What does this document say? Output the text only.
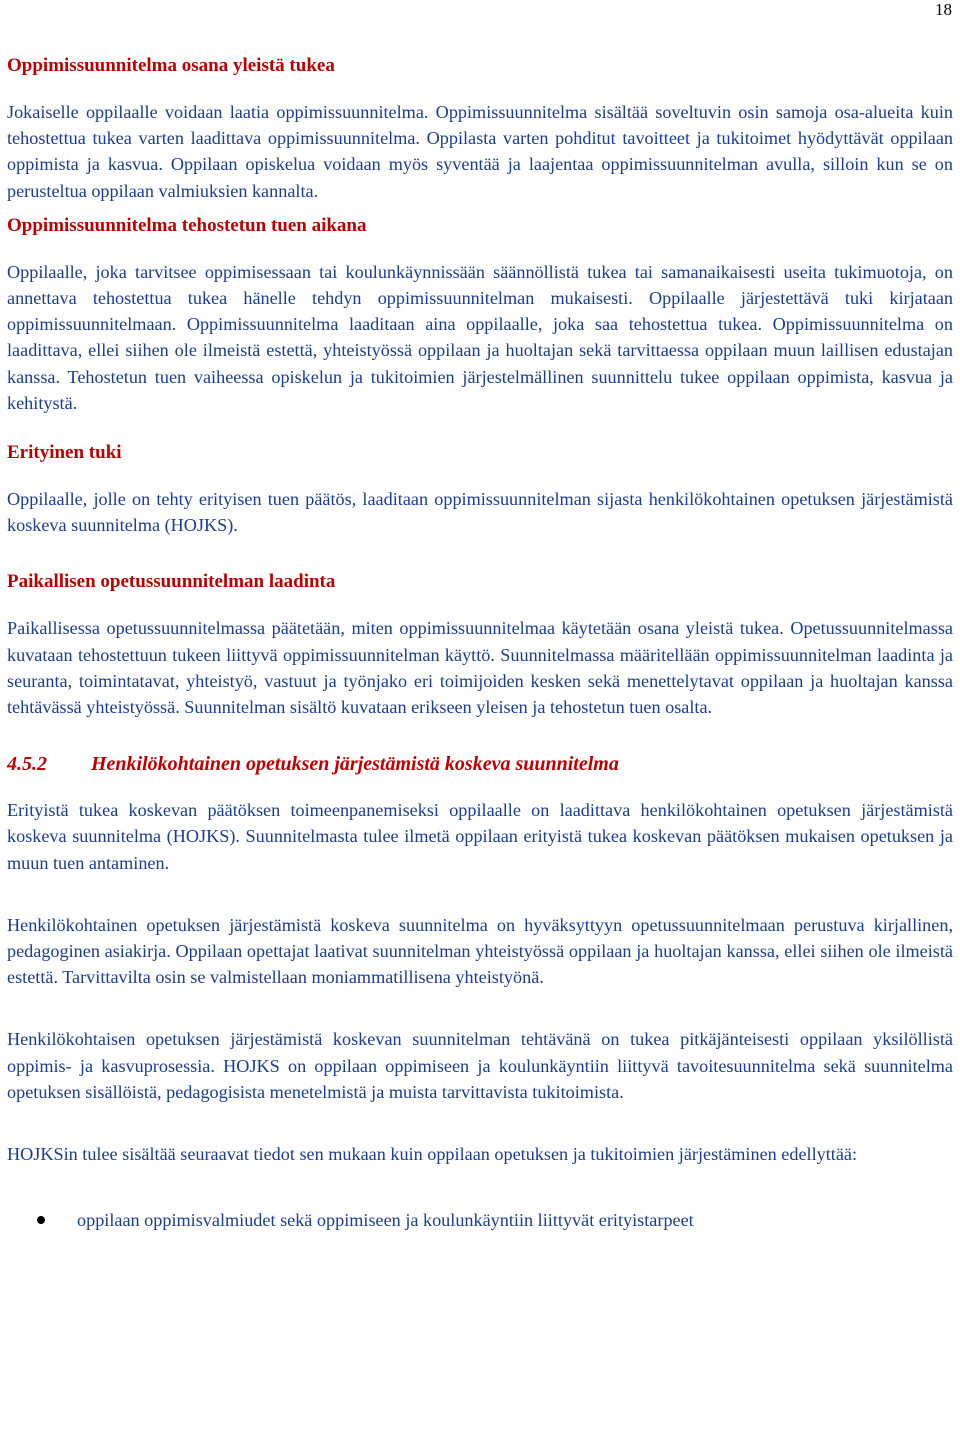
18
Oppimissuunnitelma osana yleistä tukea

Jokaiselle oppilaalle voidaan laatia oppimissuunnitelma. Oppimissuunnitelma sisältää soveltuvin osin samoja osa-alueita kuin tehostettua tukea varten laadittava oppimissuunnitelma. Oppilasta varten pohditut tavoitteet ja tukitoimet hyödyttävät oppilaan oppimista ja kasvua. Oppilaan opiskelua voidaan myös syventää ja laajentaa oppimissuunnitelman avulla, silloin kun se on perusteltua oppilaan valmiuksien kannalta.

Oppimissuunnitelma tehostetun tuen aikana

Oppilaalle, joka tarvitsee oppimisessaan tai koulunkäynnissään säännöllistä tukea tai samanaikaisesti useita tukimuotoja, on annettava tehostettua tukea hänelle tehdyn oppimissuunnitelman mukaisesti. Oppilaalle järjestettävä tuki kirjataan oppimissuunnitelmaan. Oppimissuunnitelma laaditaan aina oppilaalle, joka saa tehostettua tukea. Oppimissuunnitelma on laadittava, ellei siihen ole ilmeistä estettä, yhteistyössä oppilaan ja huoltajan sekä tarvittaessa oppilaan muun laillisen edustajan kanssa. Tehostetun tuen vaiheessa opiskelun ja tukitoimien järjestelmällinen suunnittelu tukee oppilaan oppimista, kasvua ja kehitystä.

Erityinen tuki

Oppilaalle, jolle on tehty erityisen tuen päätös, laaditaan oppimissuunnitelman sijasta henkilökohtainen opetuksen järjestämistä koskeva suunnitelma (HOJKS).

Paikallisen opetussuunnitelman laadinta

Paikallisessa opetussuunnitelmassa päätetään, miten oppimissuunnitelmaa käytetään osana yleistä tukea. Opetussuunnitelmassa kuvataan tehostettuun tukeen liittyvä oppimissuunnitelman käyttö. Suunnitelmassa määritellään oppimissuunnitelman laadinta ja seuranta, toimintatavat, yhteistyö, vastuut ja työnjako eri toimijoiden kesken sekä menettelytavat oppilaan ja huoltajan kanssa tehtävässä yhteistyössä. Suunnitelman sisältö kuvataan erikseen yleisen ja tehostetun tuen osalta.

4.5.2 Henkilökohtainen opetuksen järjestämistä koskeva suunnitelma

Erityistä tukea koskevan päätöksen toimeenpanemiseksi oppilaalle on laadittava henkilökohtainen opetuksen järjestämistä koskeva suunnitelma (HOJKS). Suunnitelmasta tulee ilmetä oppilaan erityistä tukea koskevan päätöksen mukaisen opetuksen ja muun tuen antaminen.

Henkilökohtainen opetuksen järjestämistä koskeva suunnitelma on hyväksyttyyn opetussuunnitelmaan perustuva kirjallinen, pedagoginen asiakirja. Oppilaan opettajat laativat suunnitelman yhteistyössä oppilaan ja huoltajan kanssa, ellei siihen ole ilmeistä estettä. Tarvittavilta osin se valmistellaan moniammatillisena yhteistyönä.

Henkilökohtaisen opetuksen järjestämistä koskevan suunnitelman tehtävänä on tukea pitkäjänteisesti oppilaan yksilöllistä oppimis- ja kasvuprosessia. HOJKS on oppilaan oppimiseen ja koulunkäyntiin liittyvä tavoitesuunnitelma sekä suunnitelma opetuksen sisällöistä, pedagogisista menetelmistä ja muista tarvittavista tukitoimista.

HOJKSin tulee sisältää seuraavat tiedot sen mukaan kuin oppilaan opetuksen ja tukitoimien järjestäminen edellyttää:

oppilaan oppimisvalmiudet sekä oppimiseen ja koulunkäyntiin liittyvät erityistarpeet
